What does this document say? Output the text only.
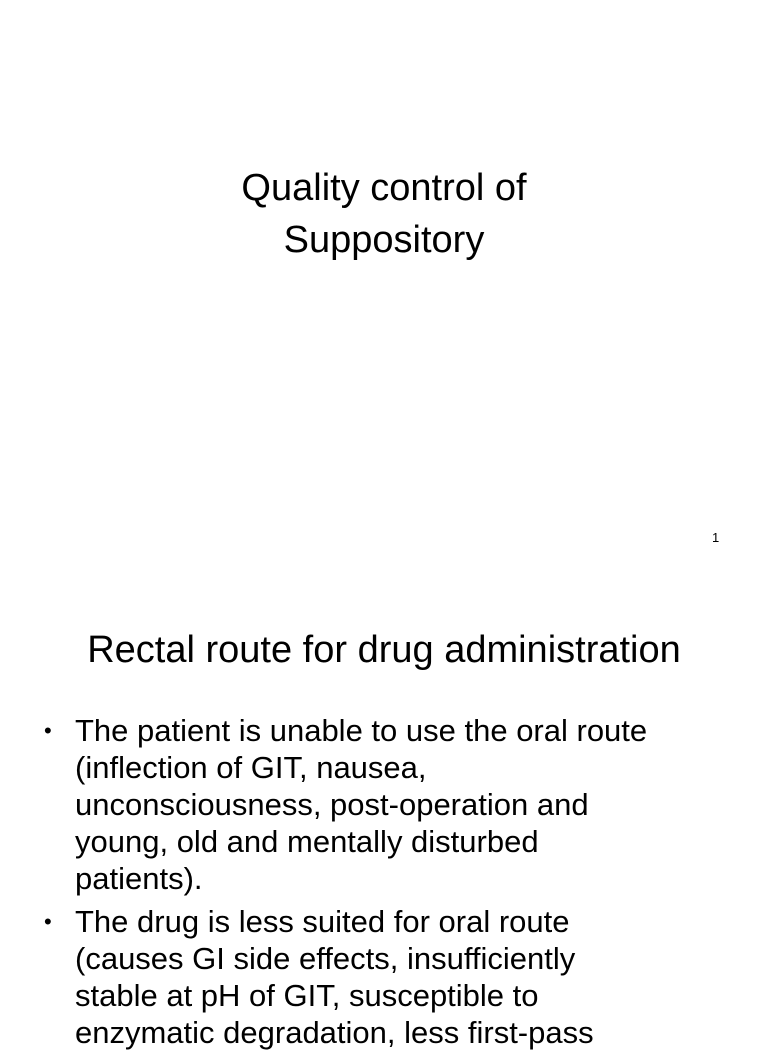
Quality control of
Suppository
1
Rectal route for drug administration
• The patient is unable to use the oral route
(inflection of GIT, nausea,
unconsciousness, post-operation and
young, old and mentally disturbed
patients).
• The drug is less suited for oral route
(causes GI side effects, insufficiently
stable at pH of GIT, susceptible to
enzymatic degradation, less first-pass
